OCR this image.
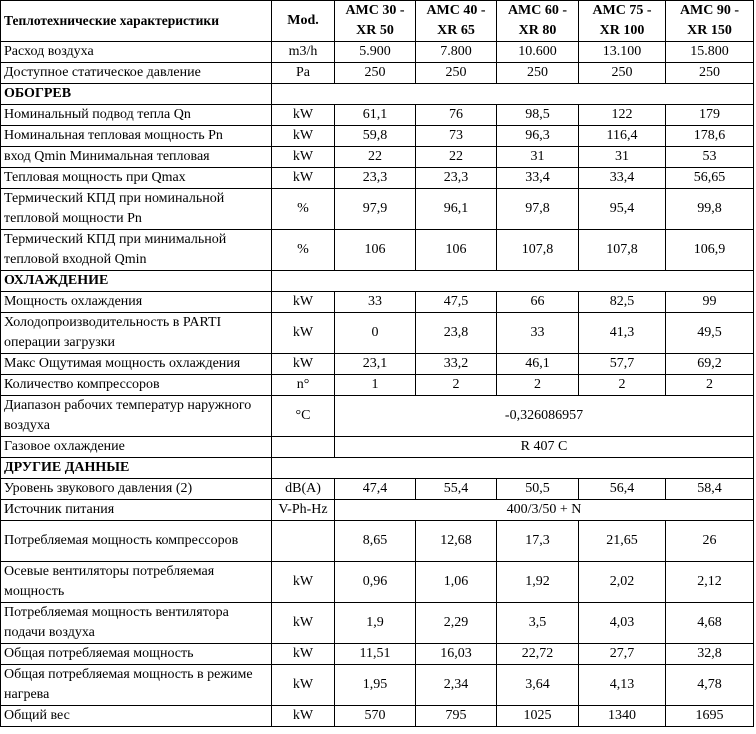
Теплотехнические характеристики	Mod.	AMC 30 - XR 50	AMC 40 - XR 65	AMC 60 - XR 80	AMC 75 - XR 100	AMC 90 - XR 150
Расход воздуха	m3/h	5.900	7.800	10.600	13.100	15.800
Доступное статическое давление	Pa	250	250	250	250	250
ОБОГРЕВ						
Номинальный подвод тепла Qn	kW	61,1	76	98,5	122	179
Номинальная тепловая мощность Pn	kW	59,8	73	96,3	116,4	178,6
вход Qmin Минимальная тепловая	kW	22	22	31	31	53
Тепловая мощность при Qmax	kW	23,3	23,3	33,4	33,4	56,65
Термический КПД при номинальной тепловой мощности Pn	%	97,9	96,1	97,8	95,4	99,8
Термический КПД при минимальной тепловой входной Qmin	%	106	106	107,8	107,8	106,9
ОХЛАЖДЕНИЕ						
Мощность охлаждения	kW	33	47,5	66	82,5	99
Холодопроизводительность в PARTI операции загрузки	kW	0	23,8	33	41,3	49,5
Макс Ощутимая мощность охлаждения	kW	23,1	33,2	46,1	57,7	69,2
Количество компрессоров	n°	1	2	2	2	2
Диапазон рабочих температур наружного воздуха	°C	-0,326086957				
Газовое охлаждение		R 407 C				
ДРУГИЕ ДАННЫЕ						
Уровень звукового давления (2)	dB(A)	47,4	55,4	50,5	56,4	58,4
Источник питания	V-Ph-Hz	400/3/50 + N				
Потребляемая мощность компрессоров		8,65	12,68	17,3	21,65	26
Осевые вентиляторы потребляемая мощность	kW	0,96	1,06	1,92	2,02	2,12
Потребляемая мощность вентилятора подачи воздуха	kW	1,9	2,29	3,5	4,03	4,68
Общая потребляемая мощность	kW	11,51	16,03	22,72	27,7	32,8
Общая потребляемая мощность в режиме нагрева	kW	1,95	2,34	3,64	4,13	4,78
Общий вес	kW	570	795	1025	1340	1695
